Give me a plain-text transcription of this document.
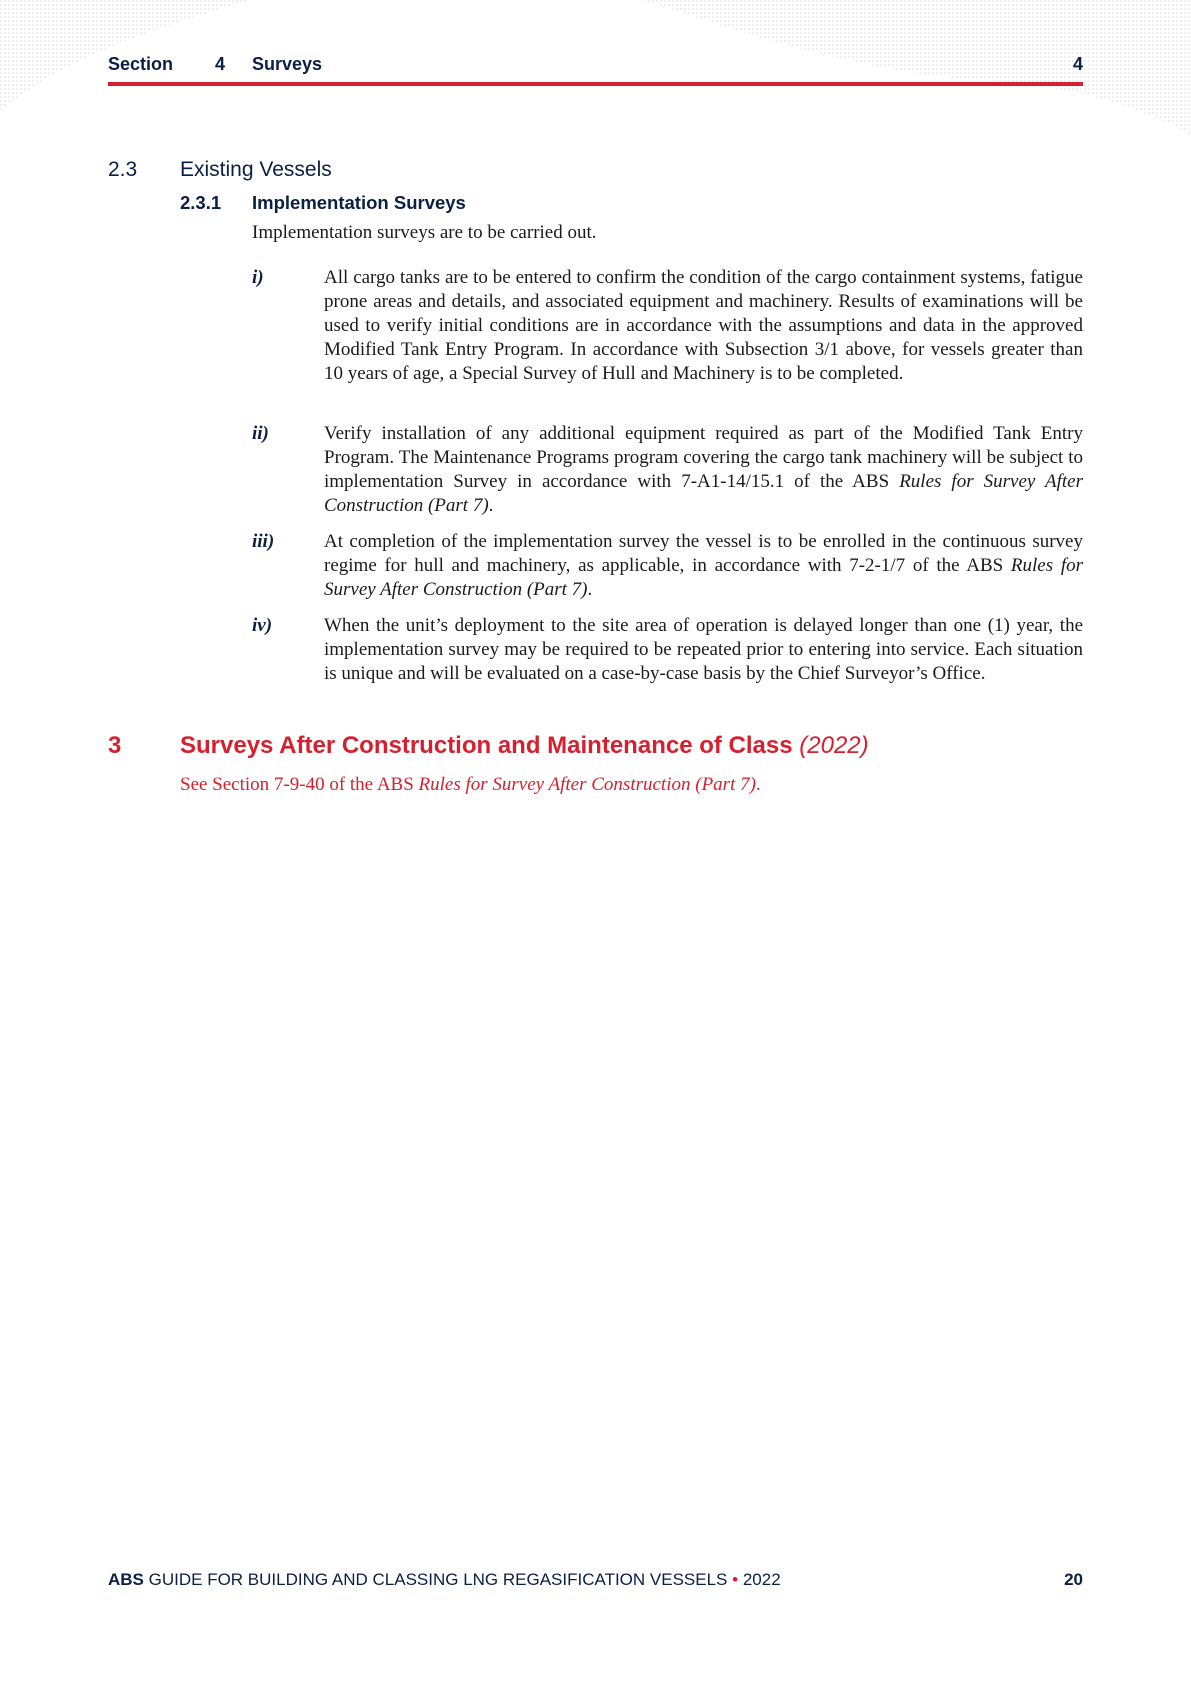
Section 4 Surveys	4
2.3	Existing Vessels
2.3.1 Implementation Surveys
Implementation surveys are to be carried out.
i)	All cargo tanks are to be entered to confirm the condition of the cargo containment systems, fatigue prone areas and details, and associated equipment and machinery. Results of examinations will be used to verify initial conditions are in accordance with the assumptions and data in the approved Modified Tank Entry Program. In accordance with Subsection 3/1 above, for vessels greater than 10 years of age, a Special Survey of Hull and Machinery is to be completed.
ii)	Verify installation of any additional equipment required as part of the Modified Tank Entry Program. The Maintenance Programs program covering the cargo tank machinery will be subject to implementation Survey in accordance with 7-A1-14/15.1 of the ABS Rules for Survey After Construction (Part 7).
iii)	At completion of the implementation survey the vessel is to be enrolled in the continuous survey regime for hull and machinery, as applicable, in accordance with 7-2-1/7 of the ABS Rules for Survey After Construction (Part 7).
iv)	When the unit’s deployment to the site area of operation is delayed longer than one (1) year, the implementation survey may be required to be repeated prior to entering into service. Each situation is unique and will be evaluated on a case-by-case basis by the Chief Surveyor’s Office.
3 Surveys After Construction and Maintenance of Class (2022)
See Section 7-9-40 of the ABS Rules for Survey After Construction (Part 7).
ABS GUIDE FOR BUILDING AND CLASSING LNG REGASIFICATION VESSELS • 2022	20
